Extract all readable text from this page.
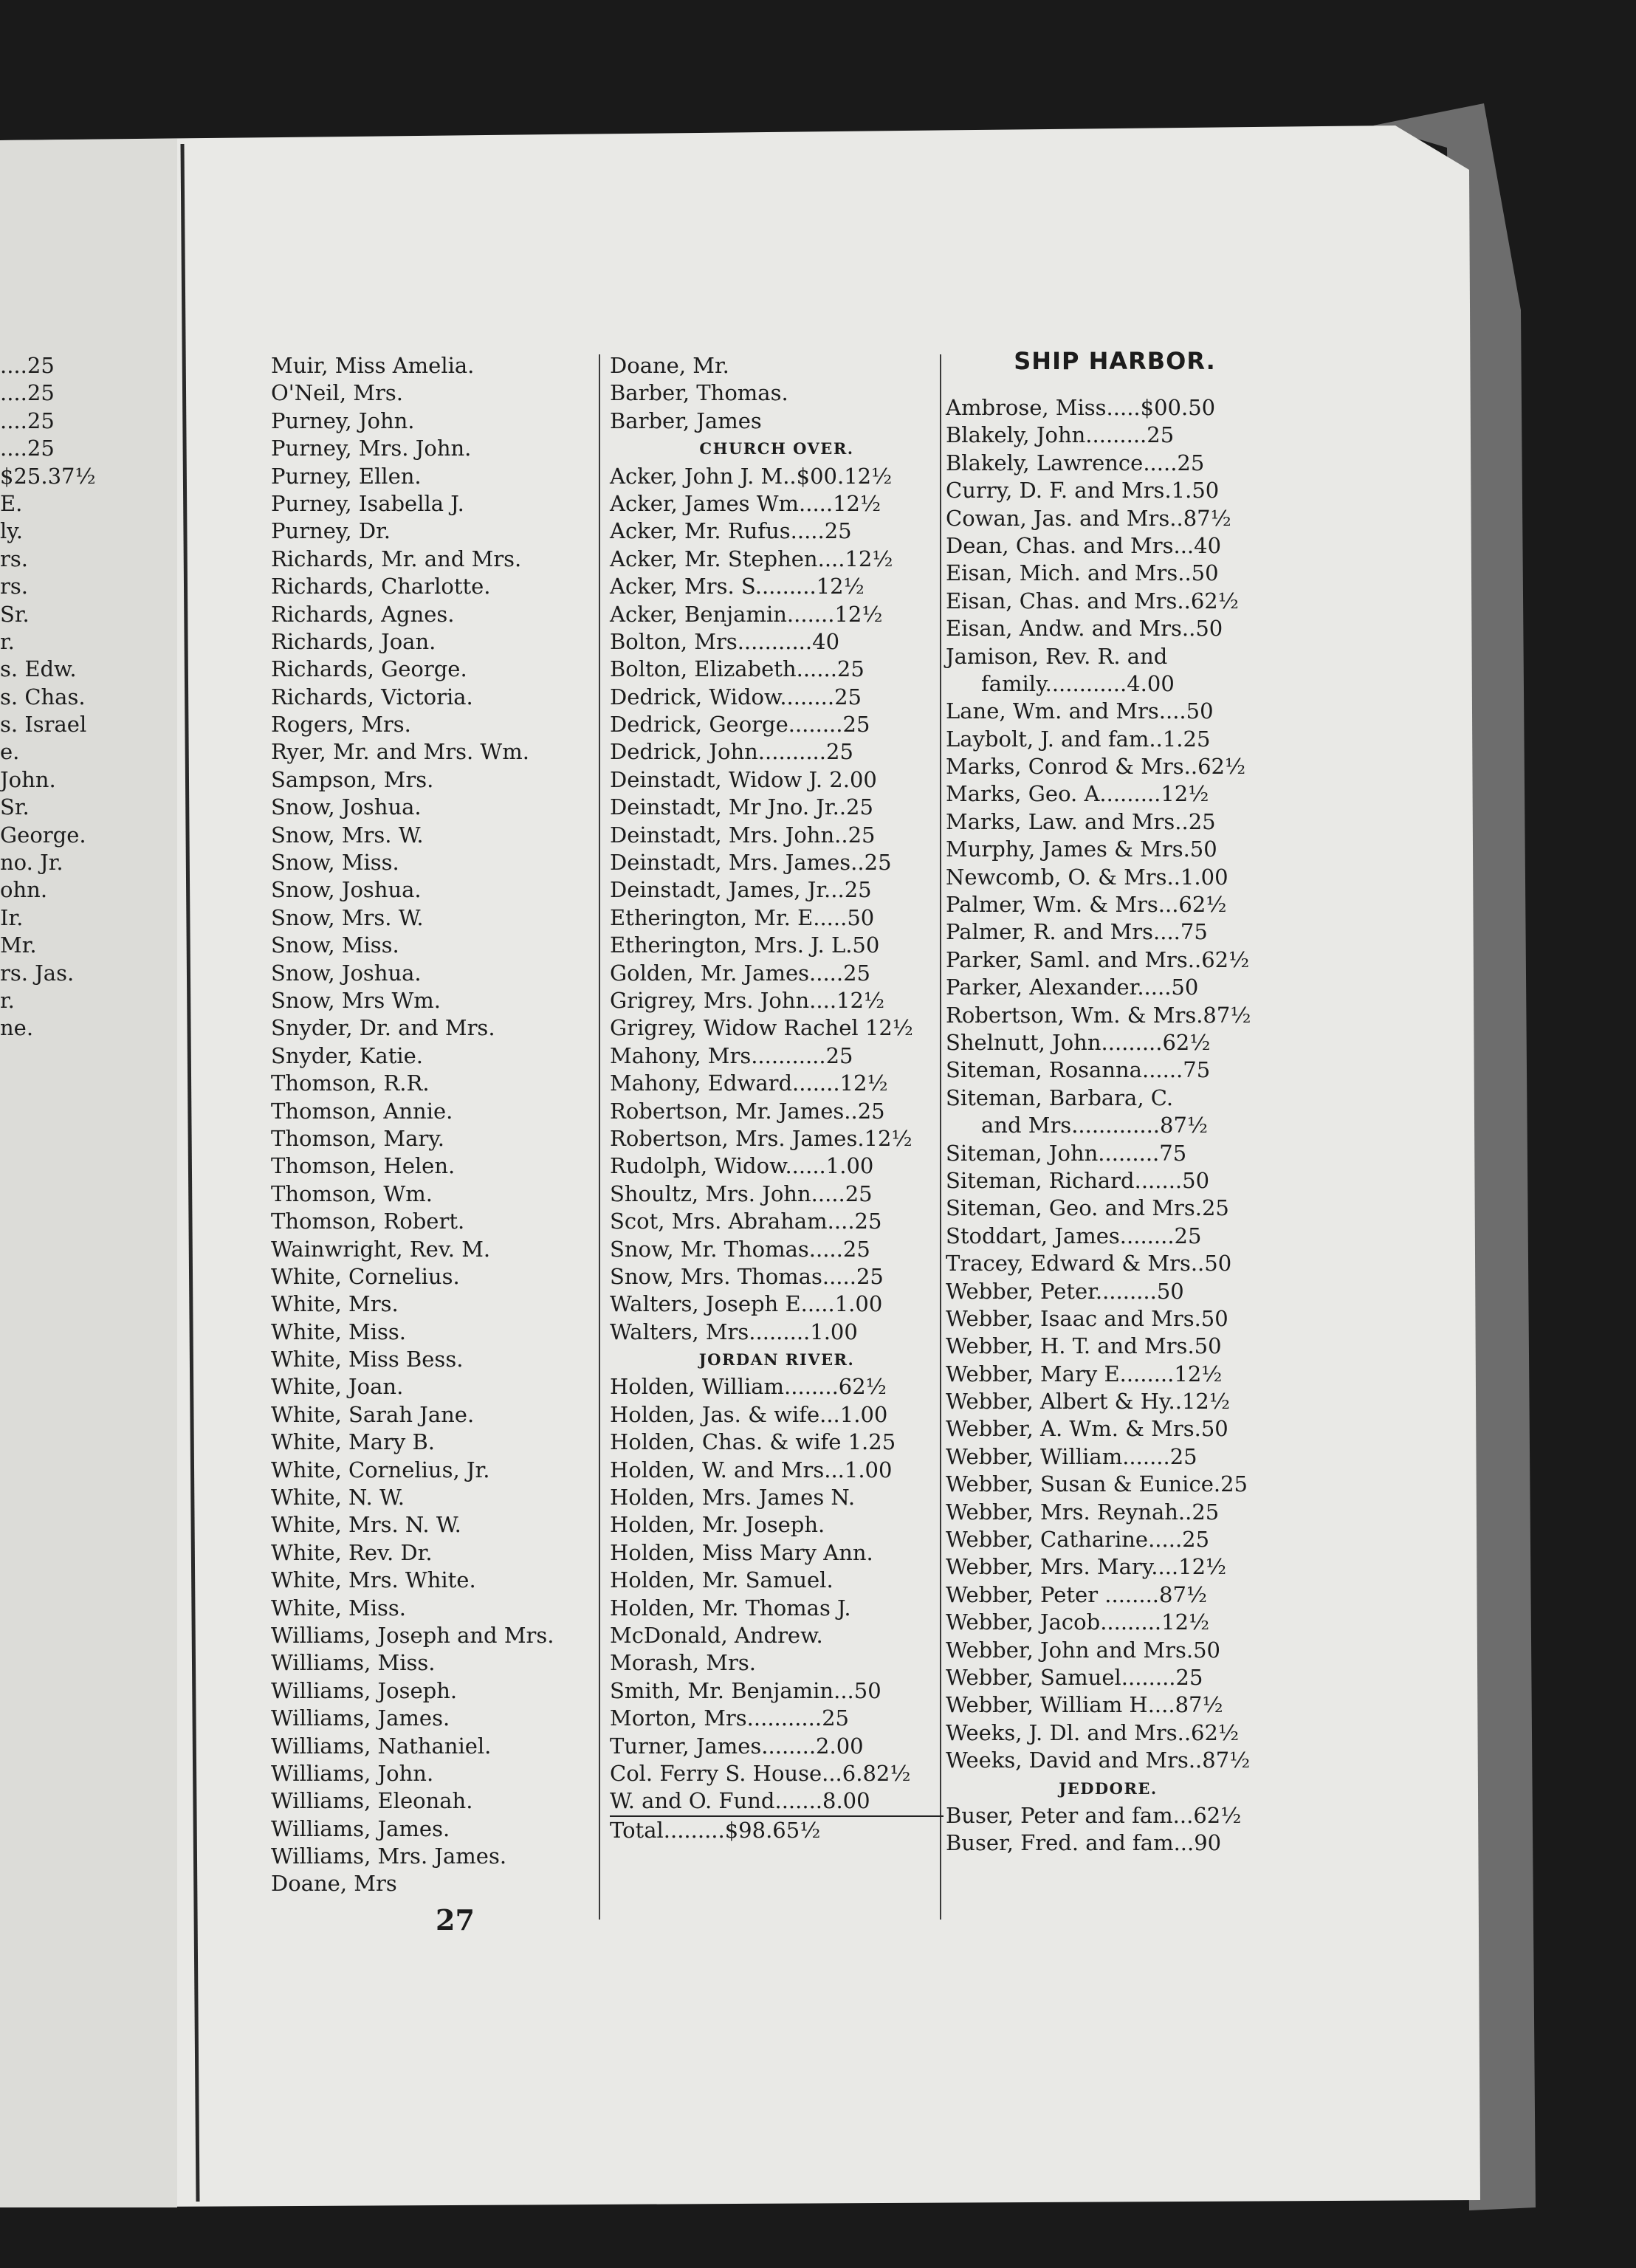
....25
....25
....25
....25
$25.37½
E.
ly.
rs.
rs.
Sr.
r.
s. Edw.
s. Chas.
s. Israel
e.
John.
Sr.
George.
no. Jr.
ohn.
Ir.
Mr.
rs. Jas.
r.
ne.
SHIP HARBOR.
Muir, Miss Amelia.
O'Neil, Mrs.
Purney, John.
Purney, Mrs. John.
Purney, Ellen.
Purney, Isabella J.
Purney, Dr.
Richards, Mr. and Mrs.
Richards, Charlotte.
Richards, Agnes.
Richards, Joan.
Richards, George.
Richards, Victoria.
Rogers, Mrs.
Ryer, Mr. and Mrs. Wm.
Sampson, Mrs.
Snow, Joshua.
Snow, Mrs. W.
Snow, Miss.
Snow, Joshua.
Snow, Mrs. W.
Snow, Miss.
Snow, Joshua.
Snow, Mrs Wm.
Snyder, Dr. and Mrs.
Snyder, Katie.
Thomson, R.R.
Thomson, Annie.
Thomson, Mary.
Thomson, Helen.
Thomson, Wm.
Thomson, Robert.
Wainwright, Rev. M.
White, Cornelius.
White, Mrs.
White, Miss.
White, Miss Bess.
White, Joan.
White, Sarah Jane.
White, Mary B.
White, Cornelius, Jr.
White, N. W.
White, Mrs. N. W.
White, Rev. Dr.
White, Mrs. White.
White, Miss.
Williams, Joseph and Mrs.
Williams, Miss.
Williams, Joseph.
Williams, James.
Williams, Nathaniel.
Williams, John.
Williams, Eleonah.
Williams, James.
Williams, Mrs. James.
Doane, Mrs
Doane, Mr.
Barber, Thomas.
Barber, James
CHURCH OVER.
Acker, John J. M..$00.12½
Acker, James Wm.....12½
Acker, Mr. Rufus.....25
Acker, Mr. Stephen....12½
Acker, Mrs. S.........12½
Acker, Benjamin.......12½
Bolton, Mrs...........40
Bolton, Elizabeth......25
Dedrick, Widow........25
Dedrick, George........25
Dedrick, John..........25
Deinstadt, Widow J. 2.00
Deinstadt, Mr Jno. Jr..25
Deinstadt, Mrs. John..25
Deinstadt, Mrs. James..25
Deinstadt, James, Jr...25
Etherington, Mr. E.....50
Etherington, Mrs. J. L.50
Golden, Mr. James.....25
Grigrey, Mrs. John....12½
Grigrey, Widow Rachel 12½
Mahony, Mrs...........25
Mahony, Edward.......12½
Robertson, Mr. James..25
Robertson, Mrs. James.12½
Rudolph, Widow......1.00
Shoultz, Mrs. John.....25
Scot, Mrs. Abraham....25
Snow, Mr. Thomas.....25
Snow, Mrs. Thomas.....25
Walters, Joseph E.....1.00
Walters, Mrs.........1.00
JORDAN RIVER.
Holden, William........62½
Holden, Jas. & wife...1.00
Holden, Chas. & wife 1.25
Holden, W. and Mrs...1.00
Holden, Mrs. James N.
Holden, Mr. Joseph.
Holden, Miss Mary Ann.
Holden, Mr. Samuel.
Holden, Mr. Thomas J.
McDonald, Andrew.
Morash, Mrs.
Smith, Mr. Benjamin...50
Morton, Mrs...........25
Turner, James........2.00
Col. Ferry S. House...6.82½
W. and O. Fund.......8.00
Total.........$98.65½
Ambrose, Miss.....$00.50
Blakely, John.........25
Blakely, Lawrence.....25
Curry, D. F. and Mrs.1.50
Cowan, Jas. and Mrs..87½
Dean, Chas. and Mrs...40
Eisan, Mich. and Mrs..50
Eisan, Chas. and Mrs..62½
Eisan, Andw. and Mrs..50
Jamison, Rev. R. and
family............4.00
Lane, Wm. and Mrs....50
Laybolt, J. and fam..1.25
Marks, Conrod & Mrs..62½
Marks, Geo. A.........12½
Marks, Law. and Mrs..25
Murphy, James & Mrs.50
Newcomb, O. & Mrs..1.00
Palmer, Wm. & Mrs...62½
Palmer, R. and Mrs....75
Parker, Saml. and Mrs..62½
Parker, Alexander.....50
Robertson, Wm. & Mrs.87½
Shelnutt, John.........62½
Siteman, Rosanna......75
Siteman, Barbara, C.
and Mrs.............87½
Siteman, John.........75
Siteman, Richard.......50
Siteman, Geo. and Mrs.25
Stoddart, James........25
Tracey, Edward & Mrs..50
Webber, Peter.........50
Webber, Isaac and Mrs.50
Webber, H. T. and Mrs.50
Webber, Mary E........12½
Webber, Albert & Hy..12½
Webber, A. Wm. & Mrs.50
Webber, William.......25
Webber, Susan & Eunice.25
Webber, Mrs. Reynah..25
Webber, Catharine.....25
Webber, Mrs. Mary....12½
Webber, Peter ........87½
Webber, Jacob.........12½
Webber, John and Mrs.50
Webber, Samuel........25
Webber, William H....87½
Weeks, J. Dl. and Mrs..62½
Weeks, David and Mrs..87½
JEDDORE.
Buser, Peter and fam...62½
Buser, Fred. and fam...90
27
